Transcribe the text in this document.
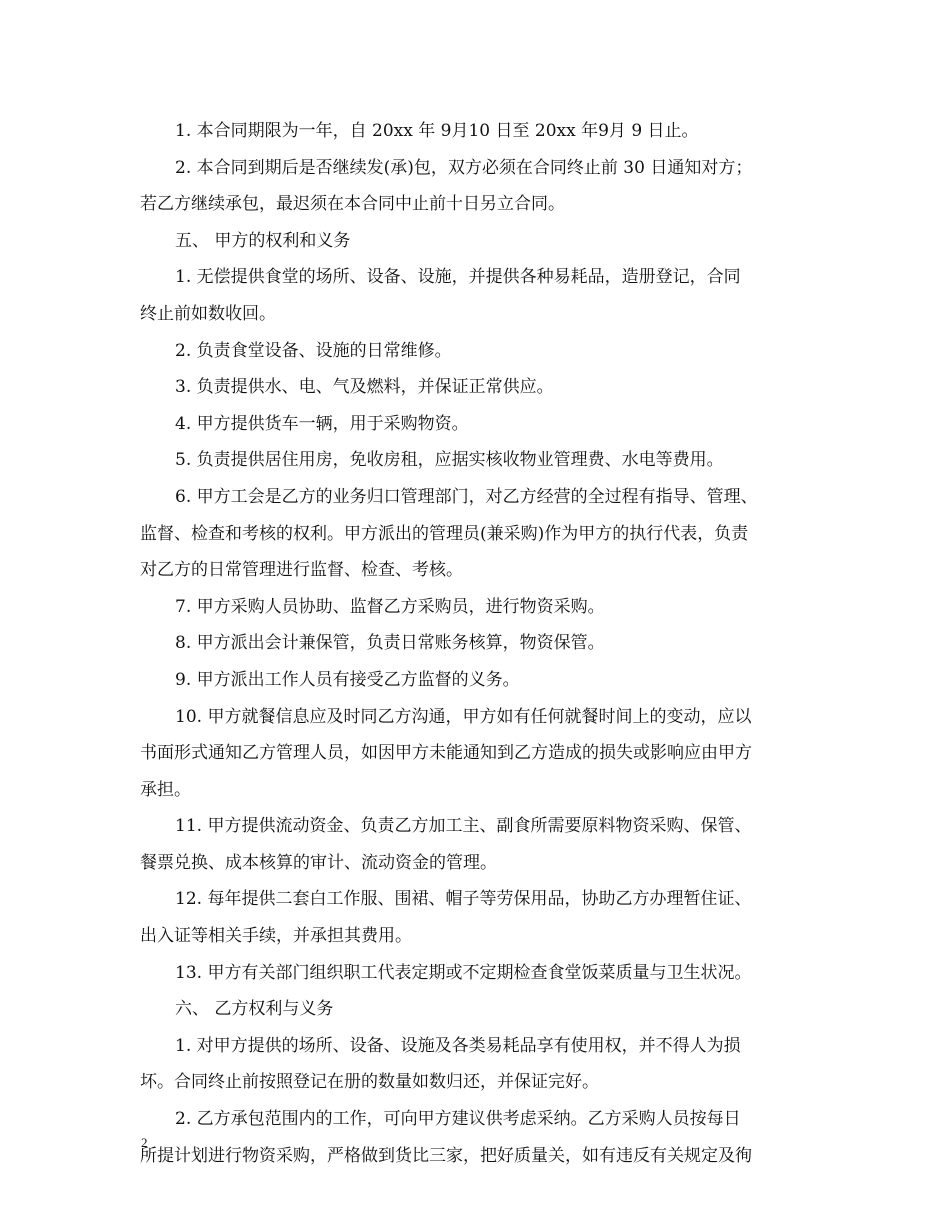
1. 本合同期限为一年，自 20xx 年 9月10 日至 20xx 年9月 9 日止。

2. 本合同到期后是否继续发(承)包，双方必须在合同终止前 30 日通知对方；
若乙方继续承包，最迟须在本合同中止前十日另立合同。

五、 甲方的权利和义务

1. 无偿提供食堂的场所、设备、设施，并提供各种易耗品，造册登记，合同
终止前如数收回。

2. 负责食堂设备、设施的日常维修。

3. 负责提供水、电、气及燃料，并保证正常供应。

4. 甲方提供货车一辆，用于采购物资。

5. 负责提供居住用房，免收房租，应据实核收物业管理费、水电等费用。

6. 甲方工会是乙方的业务归口管理部门，对乙方经营的全过程有指导、管理、
监督、检查和考核的权利。甲方派出的管理员(兼采购)作为甲方的执行代表，负责
对乙方的日常管理进行监督、检查、考核。

7. 甲方采购人员协助、监督乙方采购员，进行物资采购。

8. 甲方派出会计兼保管，负责日常账务核算，物资保管。

9. 甲方派出工作人员有接受乙方监督的义务。

10. 甲方就餐信息应及时同乙方沟通，甲方如有任何就餐时间上的变动，应以
书面形式通知乙方管理人员，如因甲方未能通知到乙方造成的损失或影响应由甲方
承担。

11. 甲方提供流动资金、负责乙方加工主、副食所需要原料物资采购、保管、
餐票兑换、成本核算的审计、流动资金的管理。

12. 每年提供二套白工作服、围裙、帽子等劳保用品，协助乙方办理暂住证、
出入证等相关手续，并承担其费用。

13. 甲方有关部门组织职工代表定期或不定期检查食堂饭菜质量与卫生状况。

六、 乙方权利与义务

1. 对甲方提供的场所、设备、设施及各类易耗品享有使用权，并不得人为损
坏。合同终止前按照登记在册的数量如数归还，并保证完好。

2. 乙方承包范围内的工作，可向甲方建议供考虑采纳。乙方采购人员按每日
所提计划进行物资采购，严格做到货比三家，把好质量关，如有违反有关规定及徇

2
